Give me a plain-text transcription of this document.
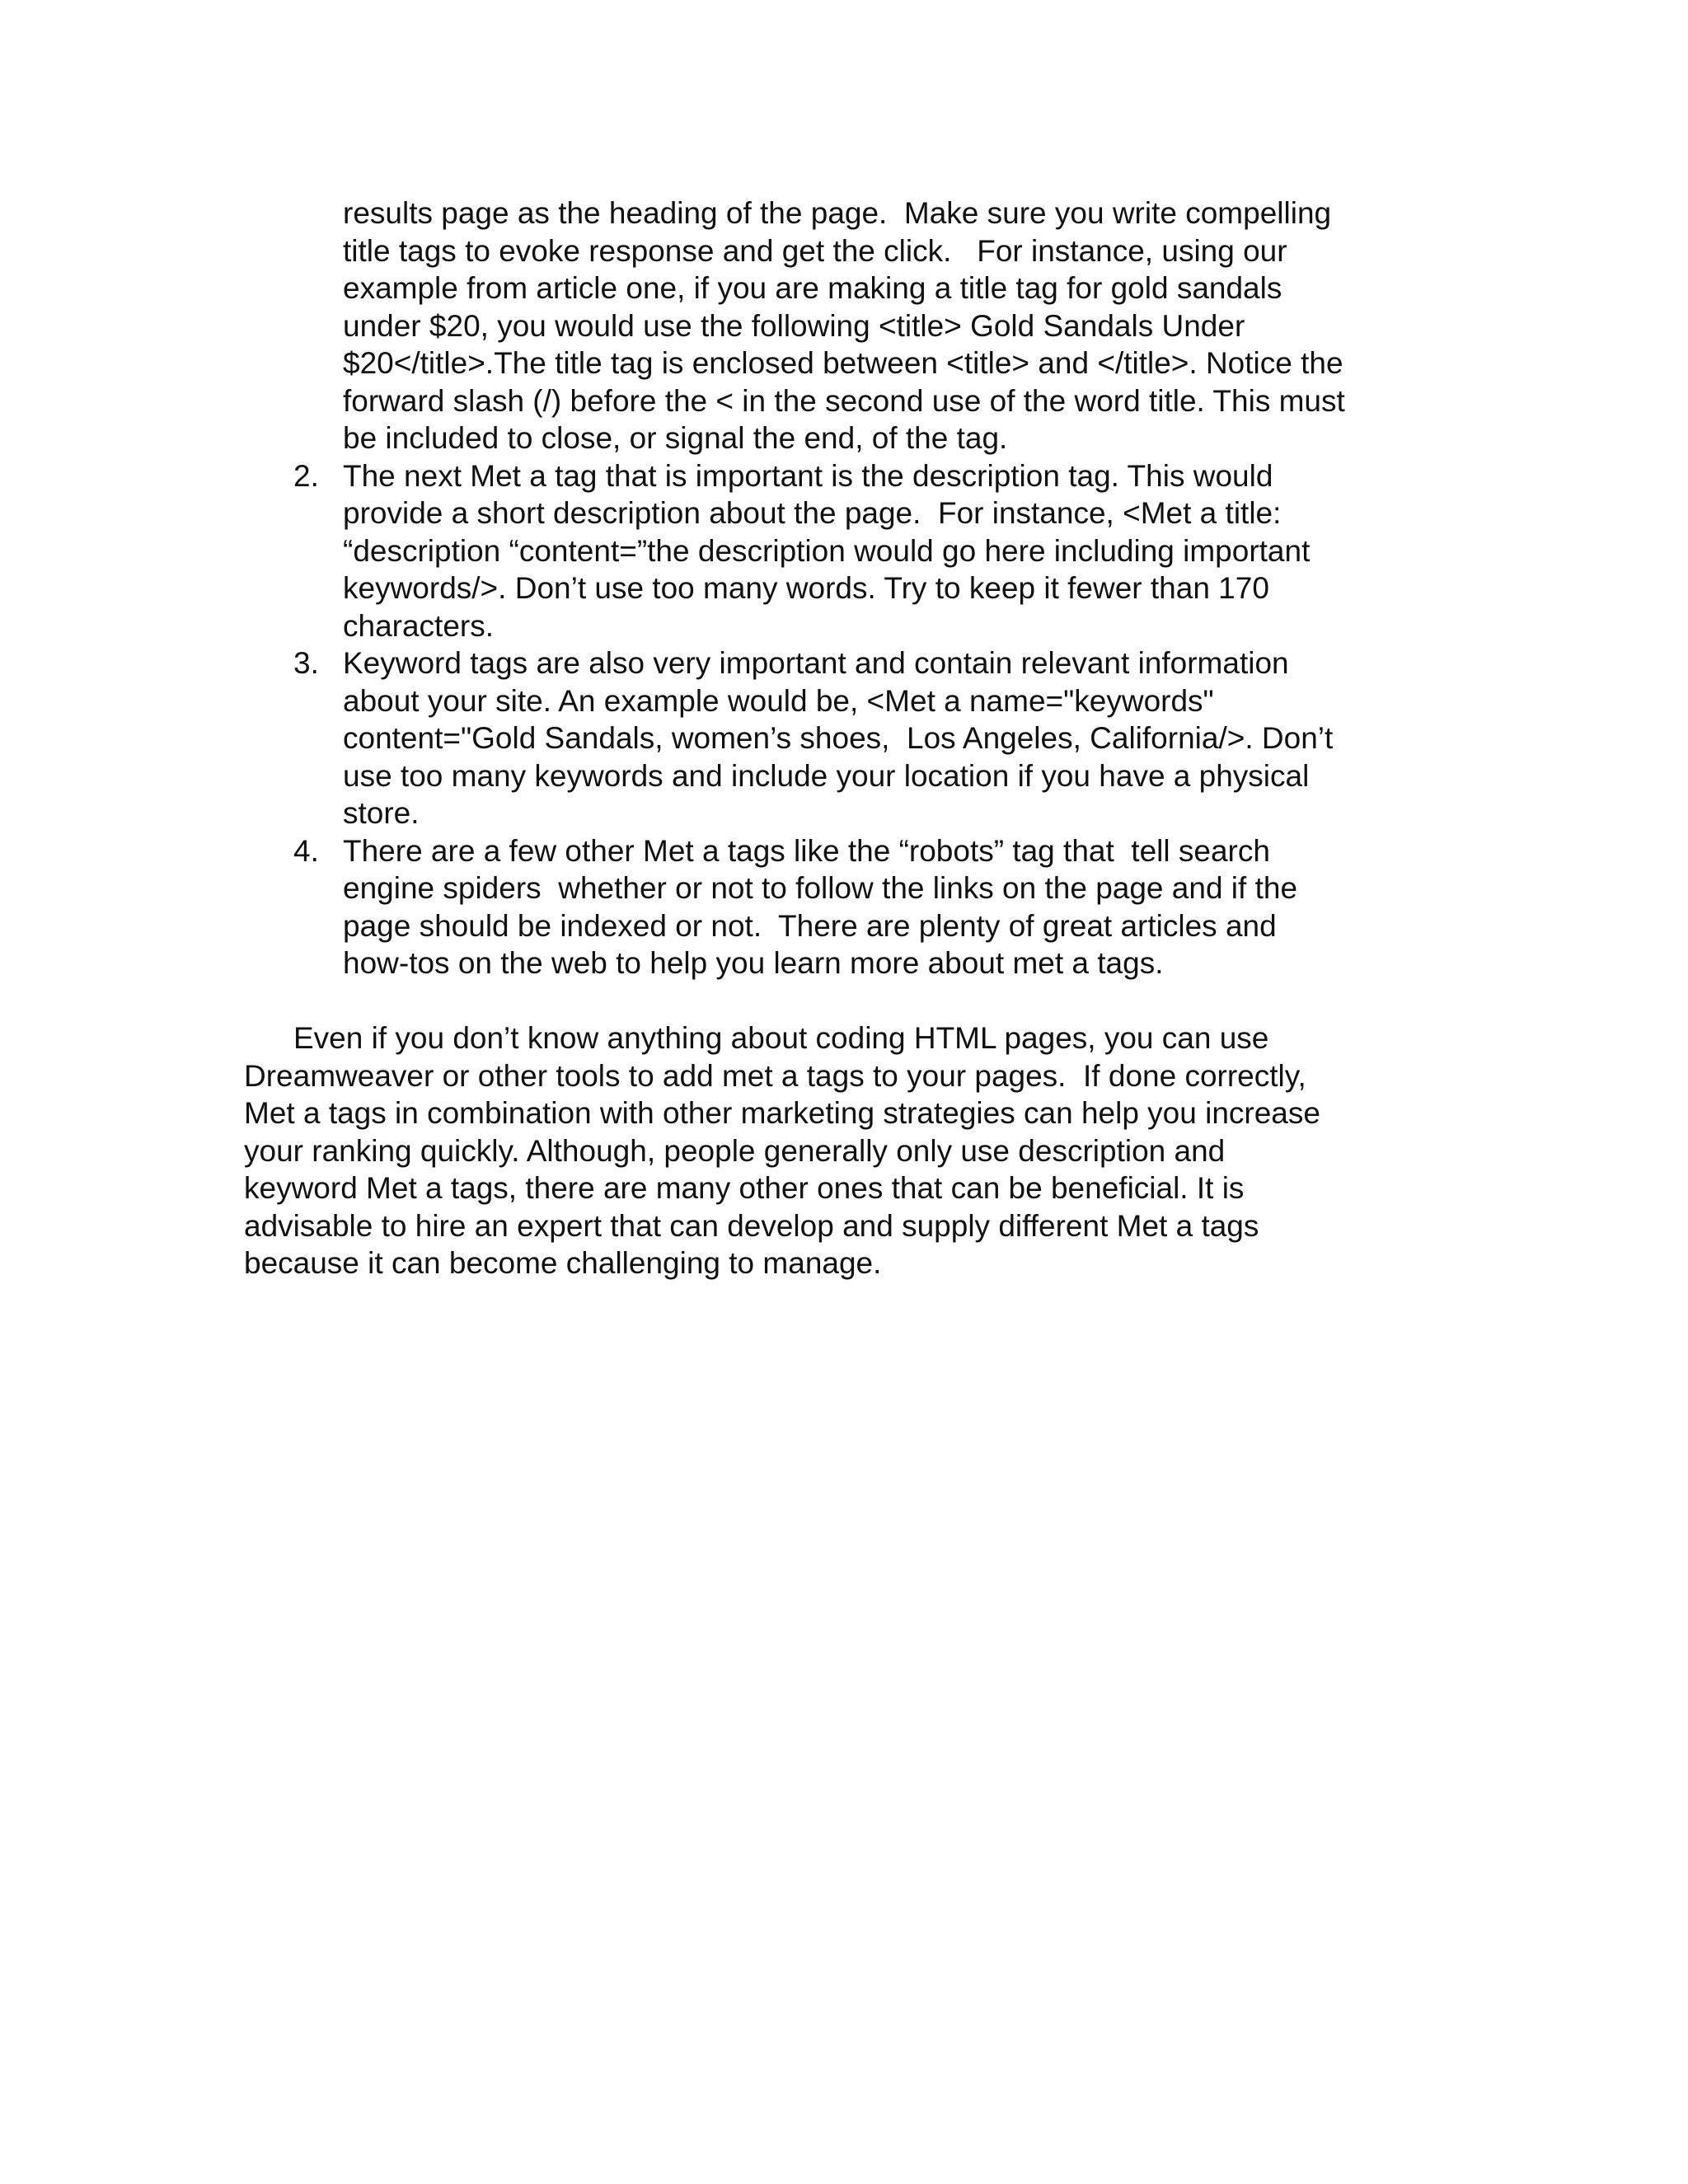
results page as the heading of the page.  Make sure you write compelling
title tags to evoke response and get the click.   For instance, using our
example from article one, if you are making a title tag for gold sandals
under $20, you would use the following <title> Gold Sandals Under
$20</title>.The title tag is enclosed between <title> and </title>. Notice the
forward slash (/) before the < in the second use of the word title. This must
be included to close, or signal the end, of the tag.
2. The next Met a tag that is important is the description tag. This would
provide a short description about the page.  For instance, <Met a title:
“description “content=”the description would go here including important
keywords/>. Don’t use too many words. Try to keep it fewer than 170
characters.
3. Keyword tags are also very important and contain relevant information
about your site. An example would be, <Met a name="keywords"
content="Gold Sandals, women’s shoes,  Los Angeles, California/>. Don’t
use too many keywords and include your location if you have a physical
store.
4. There are a few other Met a tags like the “robots” tag that  tell search
engine spiders  whether or not to follow the links on the page and if the
page should be indexed or not.  There are plenty of great articles and
how-tos on the web to help you learn more about met a tags.
Even if you don’t know anything about coding HTML pages, you can use
Dreamweaver or other tools to add met a tags to your pages.  If done correctly,
Met a tags in combination with other marketing strategies can help you increase
your ranking quickly. Although, people generally only use description and
keyword Met a tags, there are many other ones that can be beneficial. It is
advisable to hire an expert that can develop and supply different Met a tags
because it can become challenging to manage.
